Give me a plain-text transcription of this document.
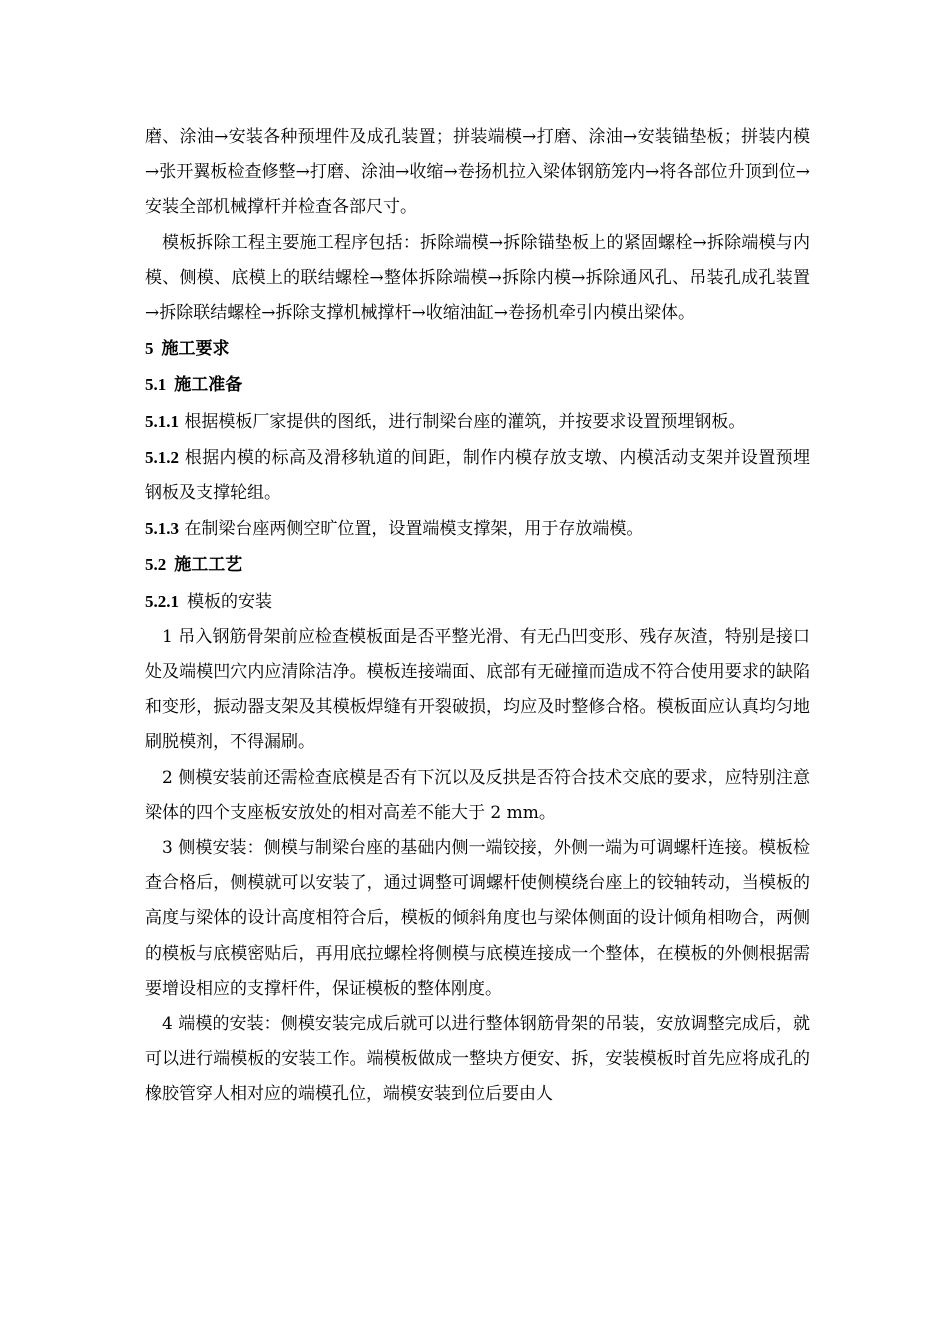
磨、涂油→安装各种预埋件及成孔装置；拼装端模→打磨、涂油→安装锚垫板；拼装内模→张开翼板检查修整→打磨、涂油→收缩→卷扬机拉入梁体钢筋笼内→将各部位升顶到位→安装全部机械撑杆并检查各部尺寸。

模板拆除工程主要施工程序包括：拆除端模→拆除锚垫板上的紧固螺栓→拆除端模与内模、侧模、底模上的联结螺栓→整体拆除端模→拆除内模→拆除通风孔、吊装孔成孔装置→拆除联结螺栓→拆除支撑机械撑杆→收缩油缸→卷扬机牵引内模出梁体。

5 施工要求

5.1 施工准备

5.1.1 根据模板厂家提供的图纸，进行制梁台座的灌筑，并按要求设置预埋钢板。

5.1.2 根据内模的标高及滑移轨道的间距，制作内模存放支墩、内模活动支架并设置预埋钢板及支撑轮组。

5.1.3 在制梁台座两侧空旷位置，设置端模支撑架，用于存放端模。

5.2 施工工艺

5.2.1 模板的安装

1 吊入钢筋骨架前应检查模板面是否平整光滑、有无凸凹变形、残存灰渣，特别是接口处及端模凹穴内应清除洁净。模板连接端面、底部有无碰撞而造成不符合使用要求的缺陷和变形，振动器支架及其模板焊缝有开裂破损，均应及时整修合格。模板面应认真均匀地刷脱模剂，不得漏刷。

2 侧模安装前还需检查底模是否有下沉以及反拱是否符合技术交底的要求，应特别注意梁体的四个支座板安放处的相对高差不能大于 2 mm。

3 侧模安装：侧模与制梁台座的基础内侧一端铰接，外侧一端为可调螺杆连接。模板检查合格后，侧模就可以安装了，通过调整可调螺杆使侧模绕台座上的铰轴转动，当模板的高度与梁体的设计高度相符合后，模板的倾斜角度也与梁体侧面的设计倾角相吻合，两侧的模板与底模密贴后，再用底拉螺栓将侧模与底模连接成一个整体，在模板的外侧根据需要增设相应的支撑杆件，保证模板的整体刚度。

4 端模的安装：侧模安装完成后就可以进行整体钢筋骨架的吊装，安放调整完成后，就可以进行端模板的安装工作。端模板做成一整块方便安、拆，安装模板时首先应将成孔的橡胶管穿人相对应的端模孔位，端模安装到位后要由人
